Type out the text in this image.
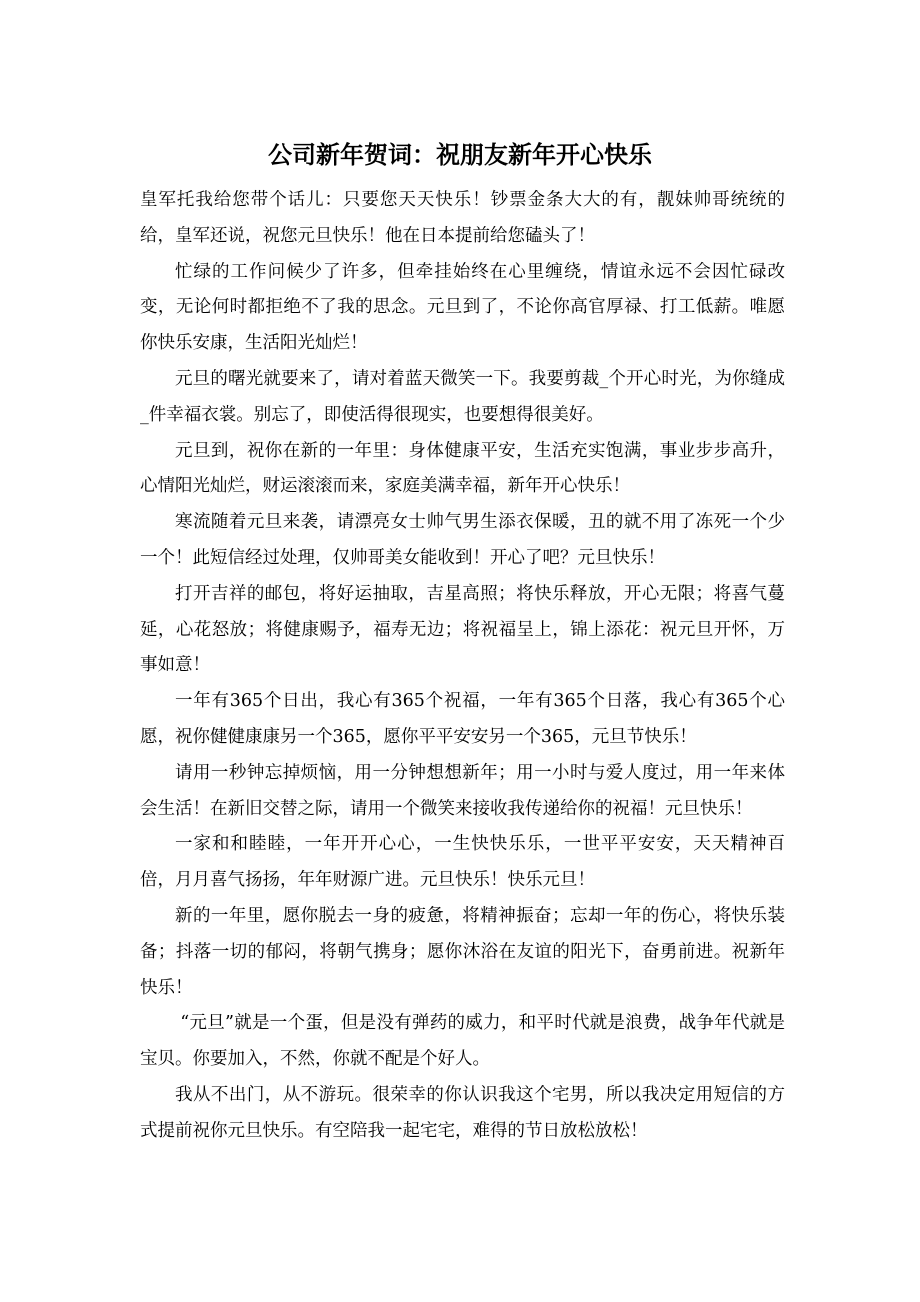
公司新年贺词：祝朋友新年开心快乐

皇军托我给您带个话儿：只要您天天快乐！钞票金条大大的有，靓妹帅哥统统的给，皇军还说，祝您元旦快乐！他在日本提前给您磕头了！

忙绿的工作问候少了许多，但牵挂始终在心里缠绕，情谊永远不会因忙碌改变，无论何时都拒绝不了我的思念。元旦到了，不论你高官厚禄、打工低薪。唯愿你快乐安康，生活阳光灿烂！

元旦的曙光就要来了，请对着蓝天微笑一下。我要剪裁_个开心时光，为你缝成_件幸福衣裳。别忘了，即使活得很现实，也要想得很美好。

元旦到，祝你在新的一年里：身体健康平安，生活充实饱满，事业步步高升，心情阳光灿烂，财运滚滚而来，家庭美满幸福，新年开心快乐！

寒流随着元旦来袭，请漂亮女士帅气男生添衣保暖，丑的就不用了冻死一个少一个！此短信经过处理，仅帅哥美女能收到！开心了吧？元旦快乐！

打开吉祥的邮包，将好运抽取，吉星高照；将快乐释放，开心无限；将喜气蔓延，心花怒放；将健康赐予，福寿无边；将祝福呈上，锦上添花：祝元旦开怀，万事如意！

一年有365个日出，我心有365个祝福，一年有365个日落，我心有365个心愿，祝你健健康康另一个365，愿你平平安安另一个365，元旦节快乐！

请用一秒钟忘掉烦恼，用一分钟想想新年；用一小时与爱人度过，用一年来体会生活！在新旧交替之际，请用一个微笑来接收我传递给你的祝福！元旦快乐！

一家和和睦睦，一年开开心心，一生快快乐乐，一世平平安安，天天精神百倍，月月喜气扬扬，年年财源广进。元旦快乐！快乐元旦！

新的一年里，愿你脱去一身的疲惫，将精神振奋；忘却一年的伤心，将快乐装备；抖落一切的郁闷，将朝气携身；愿你沐浴在友谊的阳光下，奋勇前进。祝新年快乐！

“元旦”就是一个蛋，但是没有弹药的威力，和平时代就是浪费，战争年代就是宝贝。你要加入，不然，你就不配是个好人。

我从不出门，从不游玩。很荣幸的你认识我这个宅男，所以我决定用短信的方式提前祝你元旦快乐。有空陪我一起宅宅，难得的节日放松放松！
